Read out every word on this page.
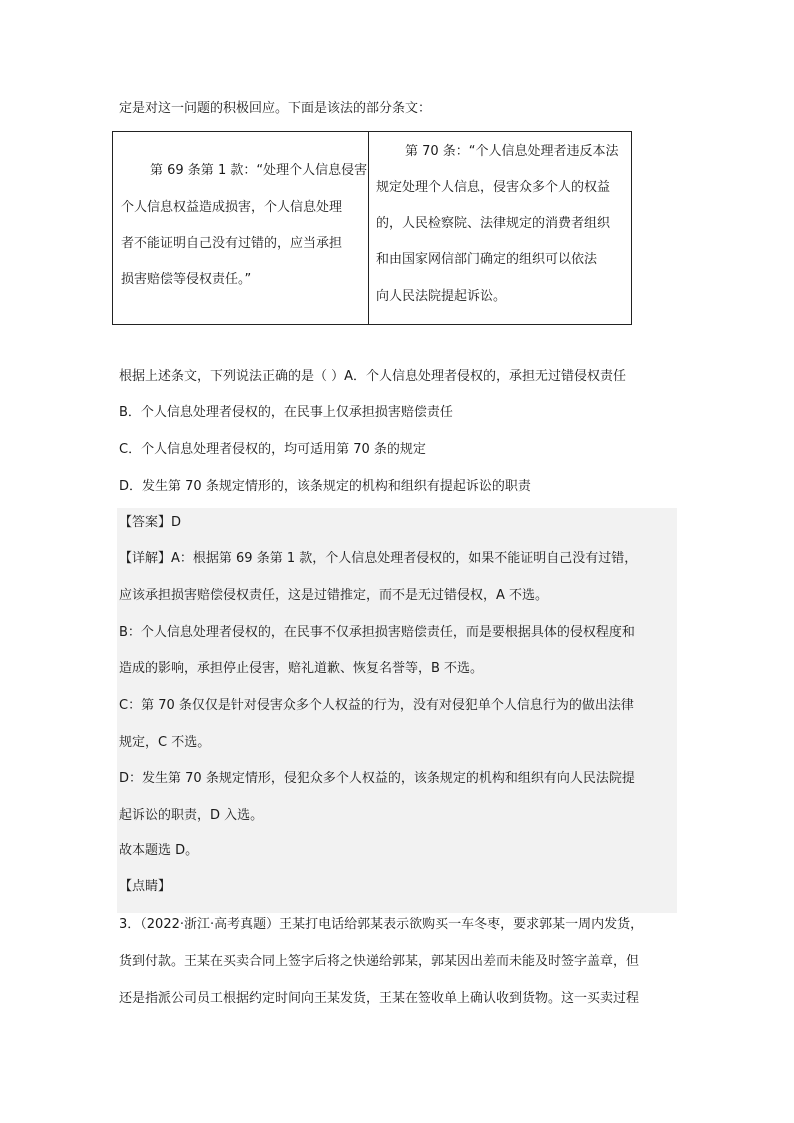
定是对这一问题的积极回应。下面是该法的部分条文：
第 69 条第 1 款：“处理个人信息侵害
个人信息权益造成损害，个人信息处理
者不能证明自己没有过错的，应当承担
损害赔偿等侵权责任。”
第 70 条：“个人信息处理者违反本法
规定处理个人信息，侵害众多个人的权益
的，人民检察院、法律规定的消费者组织
和由国家网信部门确定的组织可以依法
向人民法院提起诉讼。
根据上述条文，下列说法正确的是（ ）A．个人信息处理者侵权的，承担无过错侵权责任
B．个人信息处理者侵权的，在民事上仅承担损害赔偿责任
C．个人信息处理者侵权的，均可适用第 70 条的规定
D．发生第 70 条规定情形的，该条规定的机构和组织有提起诉讼的职责
【答案】D
【详解】A：根据第 69 条第 1 款，个人信息处理者侵权的，如果不能证明自己没有过错，
应该承担损害赔偿侵权责任，这是过错推定，而不是无过错侵权，A 不选。
B：个人信息处理者侵权的，在民事不仅承担损害赔偿责任，而是要根据具体的侵权程度和
造成的影响，承担停止侵害，赔礼道歉、恢复名誉等，B 不选。
C：第 70 条仅仅是针对侵害众多个人权益的行为，没有对侵犯单个人信息行为的做出法律
规定，C 不选。
D：发生第 70 条规定情形，侵犯众多个人权益的，该条规定的机构和组织有向人民法院提
起诉讼的职责，D 入选。
故本题选 D。
【点睛】
3．（2022·浙江·高考真题）王某打电话给郭某表示欲购买一车冬枣，要求郭某一周内发货，
货到付款。王某在买卖合同上签字后将之快递给郭某，郭某因出差而未能及时签字盖章，但
还是指派公司员工根据约定时间向王某发货，王某在签收单上确认收到货物。这一买卖过程
